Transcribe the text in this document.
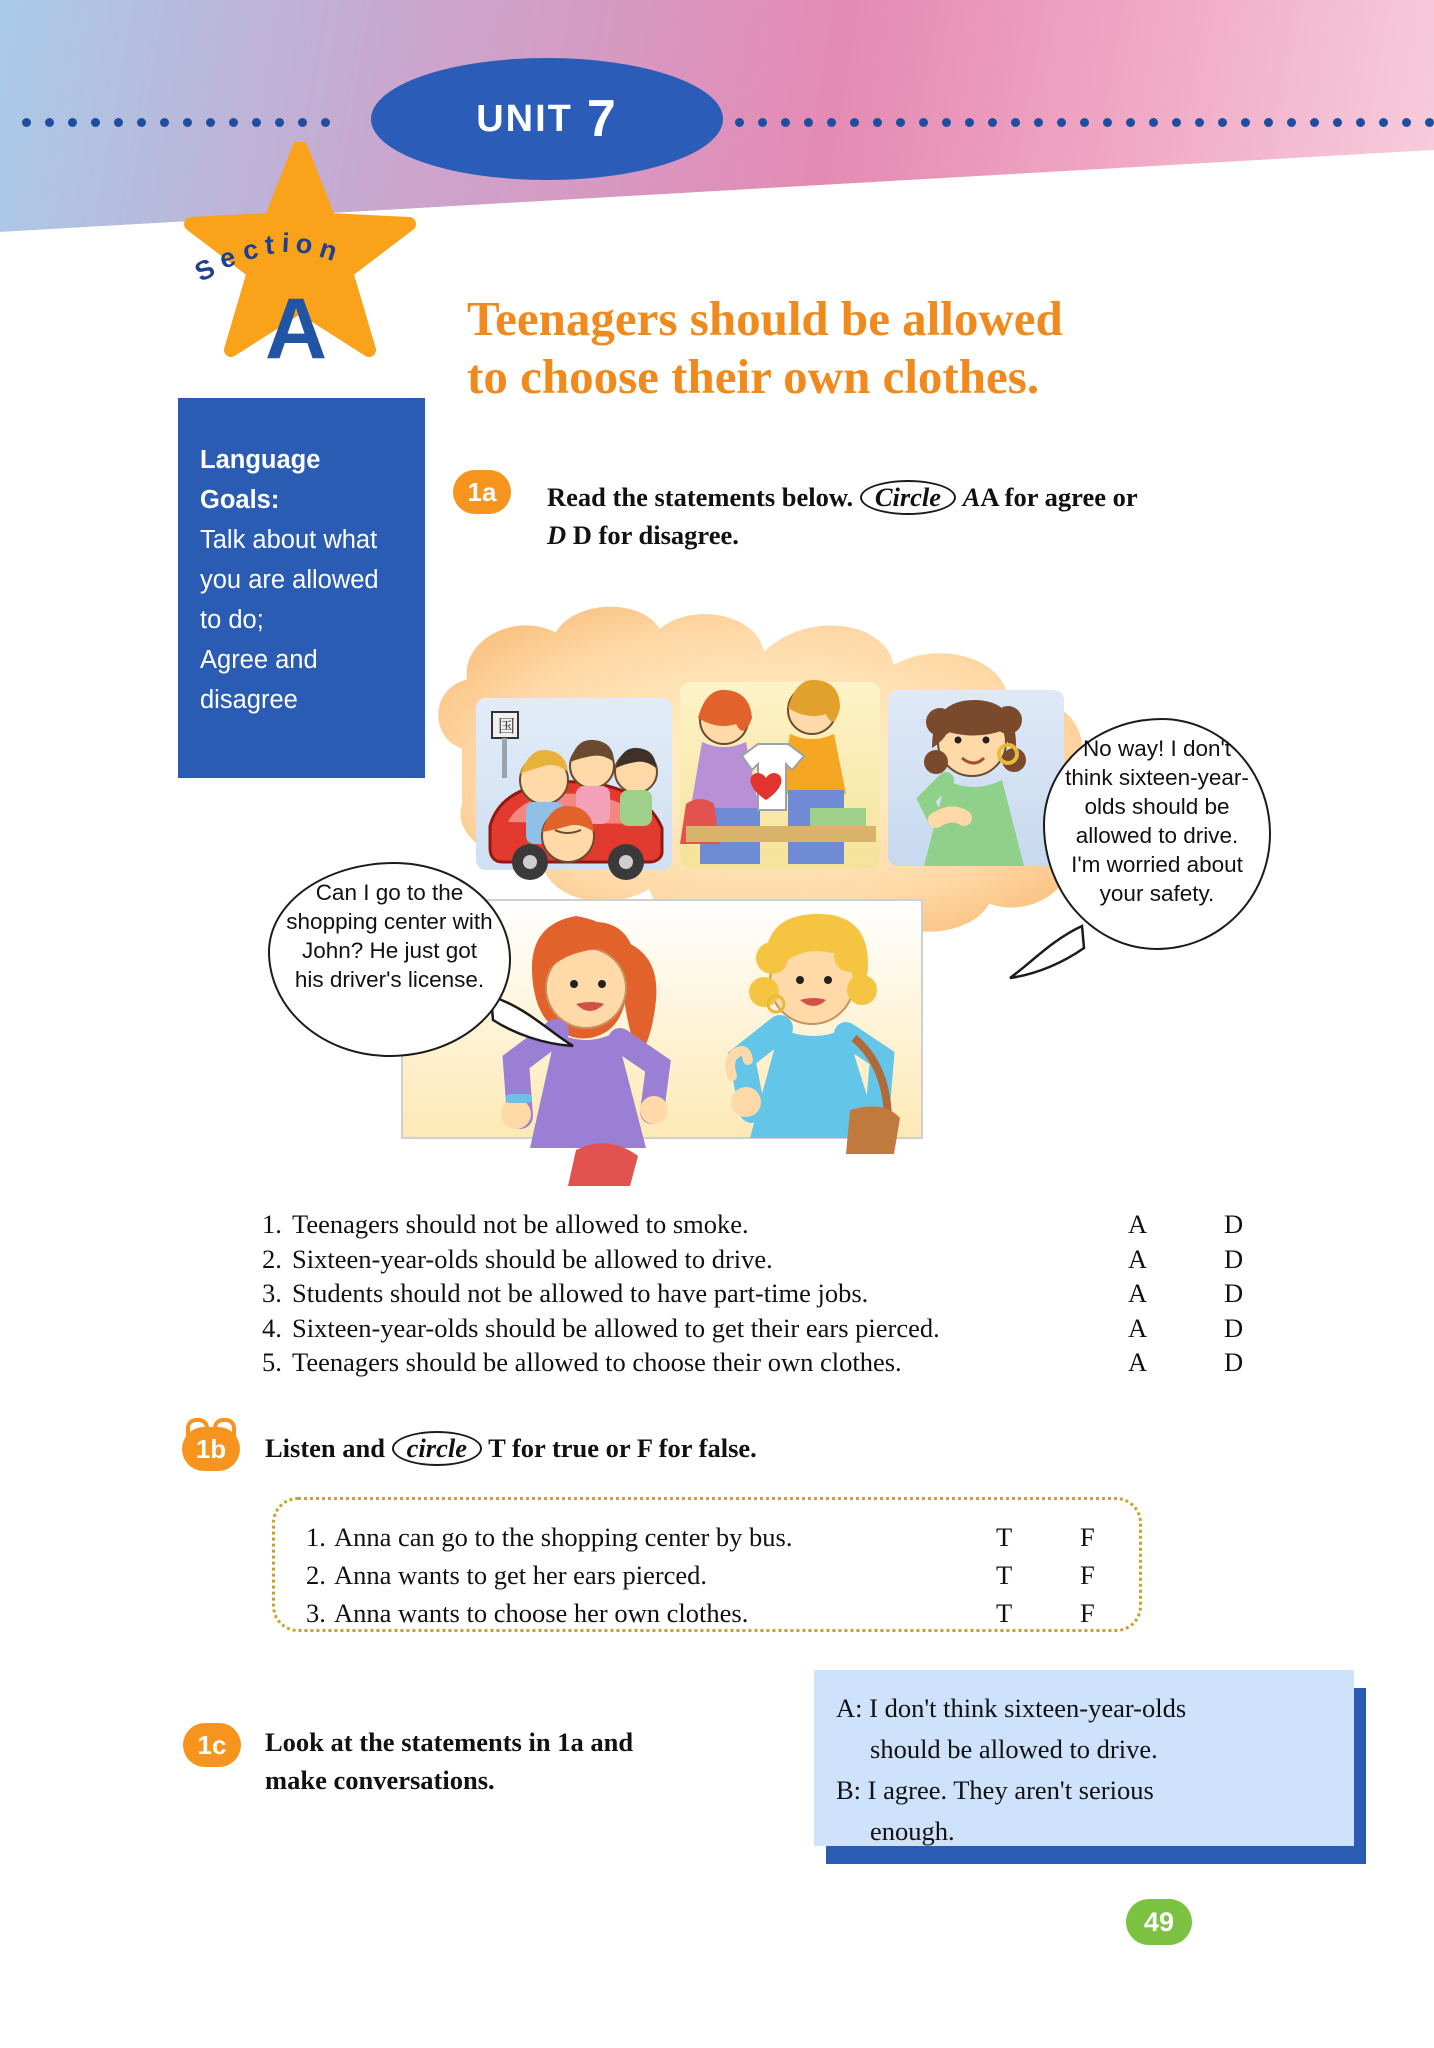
UNIT 7
S
e c t i o n
A
Language Goals:
Talk about what
you are allowed
to do;
Agree and
disagree
Teenagers should be allowed
to choose their own clothes.
1a	Read the statements below. Circle AA for agree or
D D for disagree.
国
Can I go to the shopping center with John? He just got his driver's license.
No way! I don't think sixteen-year-olds should be allowed to drive. I'm worried about your safety.
1. Teenagers should not be allowed to smoke.	A	D
2. Sixteen-year-olds should be allowed to drive.	A	D
3. Students should not be allowed to have part-time jobs.	A	D
4. Sixteen-year-olds should be allowed to get their ears pierced.	A	D
5. Teenagers should be allowed to choose their own clothes.	A	D
1b	Listen and circle T for true or F for false.
1. Anna can go to the shopping center by bus.	T	F
2. Anna wants to get her ears pierced.	T	F
3. Anna wants to choose her own clothes.	T	F
1c	Look at the statements in 1a and
make conversations.
A: I don't think sixteen-year-olds
should be allowed to drive.
B: I agree. They aren't serious
enough.
49
